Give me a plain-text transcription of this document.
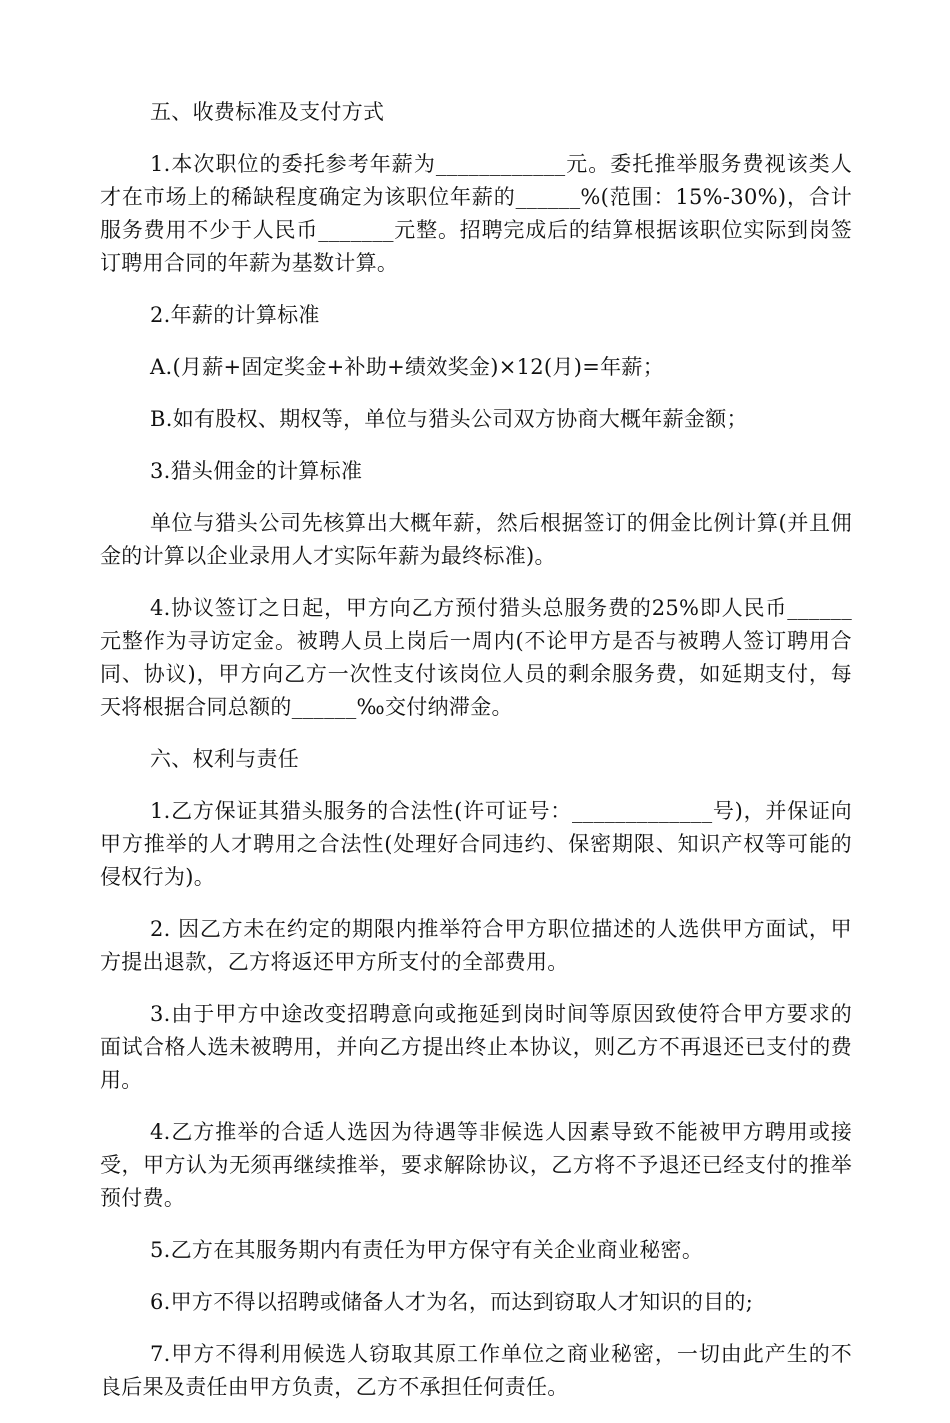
五、收费标准及支付方式

1.本次职位的委托参考年薪为____________元。委托推举服务费视该类人才在市场上的稀缺程度确定为该职位年薪的______%(范围：15%-30%)，合计服务费用不少于人民币_______元整。招聘完成后的结算根据该职位实际到岗签订聘用合同的年薪为基数计算。

2.年薪的计算标准

A.(月薪+固定奖金+补助+绩效奖金)×12(月)=年薪；

B.如有股权、期权等，单位与猎头公司双方协商大概年薪金额；

3.猎头佣金的计算标准

单位与猎头公司先核算出大概年薪，然后根据签订的佣金比例计算(并且佣金的计算以企业录用人才实际年薪为最终标准)。

4.协议签订之日起，甲方向乙方预付猎头总服务费的25%即人民币______元整作为寻访定金。被聘人员上岗后一周内(不论甲方是否与被聘人签订聘用合同、协议)，甲方向乙方一次性支付该岗位人员的剩余服务费，如延期支付，每天将根据合同总额的______‰交付纳滞金。

六、权利与责任

1.乙方保证其猎头服务的合法性(许可证号：_____________号)，并保证向甲方推举的人才聘用之合法性(处理好合同违约、保密期限、知识产权等可能的侵权行为)。

2. 因乙方未在约定的期限内推举符合甲方职位描述的人选供甲方面试，甲方提出退款，乙方将返还甲方所支付的全部费用。

3.由于甲方中途改变招聘意向或拖延到岗时间等原因致使符合甲方要求的面试合格人选未被聘用，并向乙方提出终止本协议，则乙方不再退还已支付的费用。

4.乙方推举的合适人选因为待遇等非候选人因素导致不能被甲方聘用或接受，甲方认为无须再继续推举，要求解除协议，乙方将不予退还已经支付的推举预付费。

5.乙方在其服务期内有责任为甲方保守有关企业商业秘密。

6.甲方不得以招聘或储备人才为名，而达到窃取人才知识的目的;

7.甲方不得利用候选人窃取其原工作单位之商业秘密，一切由此产生的不良后果及责任由甲方负责，乙方不承担任何责任。
